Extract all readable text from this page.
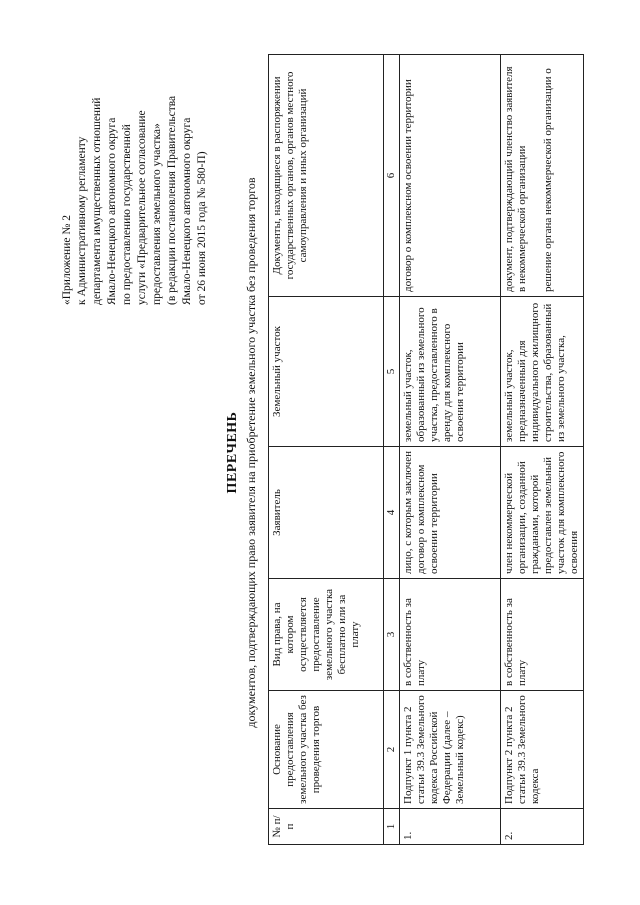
«Приложение № 2 к Административному регламенту департамента имущественных отношений Ямало-Ненецкого автономного округа по предоставлению государственной услуги «Предварительное согласование предоставления земельного участка» (в редакции постановления Правительства Ямало-Ненецкого автономного округа от 26 июня 2015 года № 580-П)
ПЕРЕЧЕНЬ документов, подтверждающих право заявителя на приобретение земельного участка без проведения торгов
№ п/п	Основание предоставления земельного участка без проведения торгов	Вид права, на котором осуществляется предоставление земельного участка бесплатно или за плату	Заявитель	Земельный участок	Документы, находящиеся в распоряжении государственных органов, органов местного самоуправления и иных организаций
1	2	3	4	5	6
1.	Подпункт 1 пункта 2 статьи 39.3 Земельного кодекса Российской Федерации (далее – Земельный кодекс)	в собственность за плату	лицо, с которым заключен договор о комплексном освоении территории	земельный участок, образованный из земельного участка, предоставленного в аренду для комплексного освоения территории	договор о комплексном освоении территории
2.	Подпункт 2 пункта 2 статьи 39.3 Земельного кодекса	в собственность за плату	член некоммерческой организации, созданной гражданами, которой предоставлен земельный участок для комплексного освоения	земельный участок, предназначенный для индивидуального жилищного строительства, образованный из земельного участка,	документ, подтверждающий членство заявителя в некоммерческой организации

решение органа некоммерческой организации о
